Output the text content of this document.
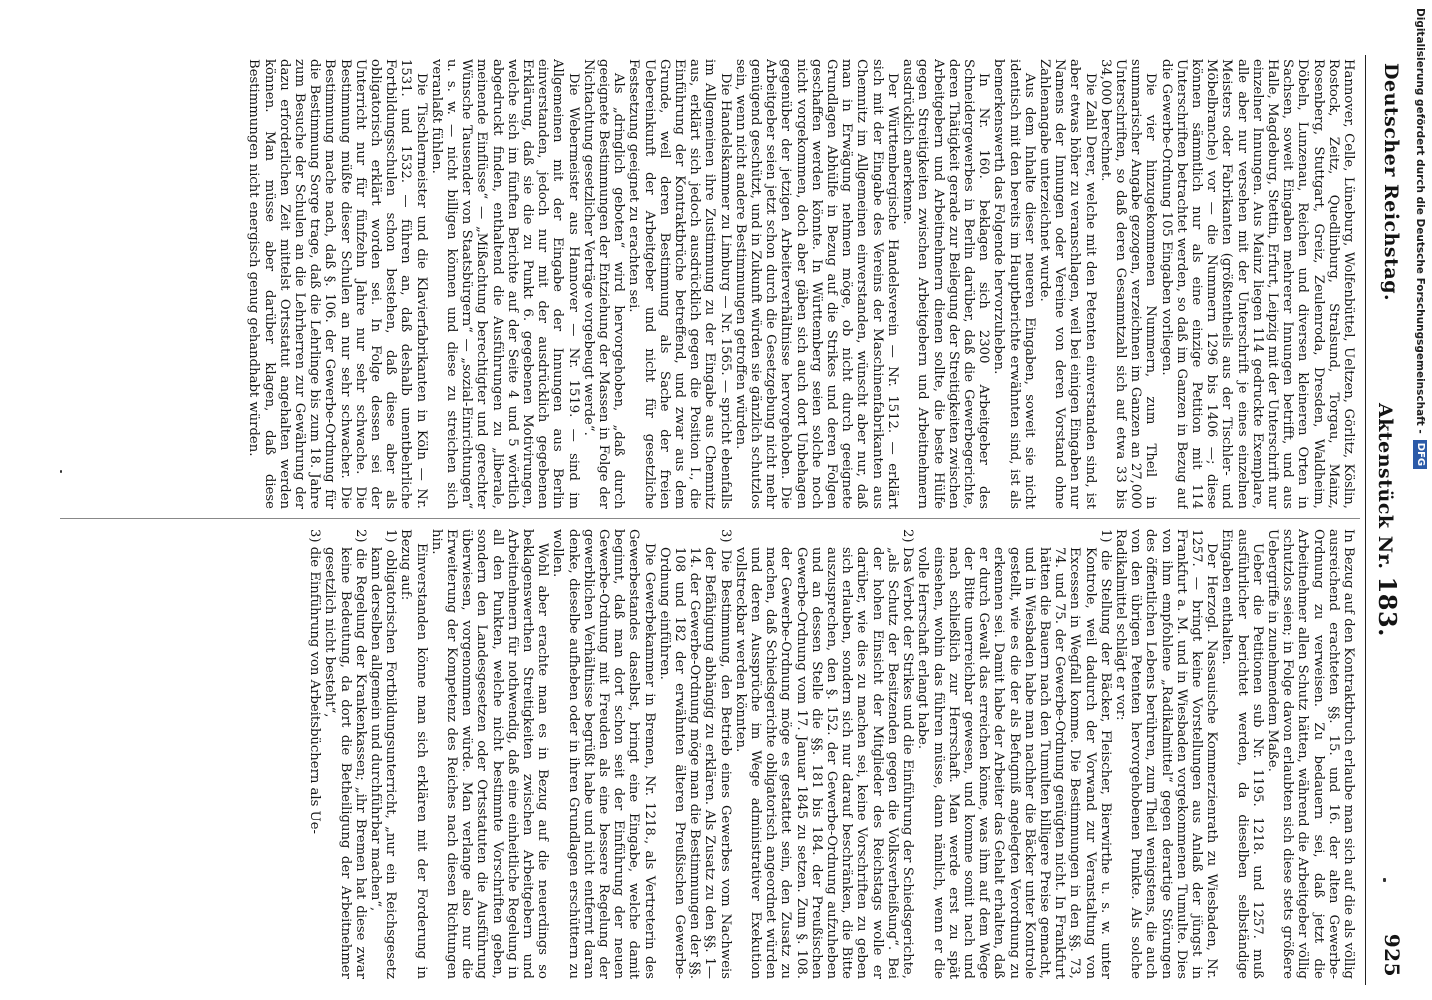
Deutscher Reichstag.
Aktenstück Nr. 183.
925

Hannover, Celle, Lüneburg, Wolfenbüttel, Ueltzen, Görlitz, Köslin, Rostock, Zeitz, Quedlinburg, Stralsund, Torgau, Mainz, Rosenberg, Stuttgart, Greiz, Zeulenroda, Dresden, Waldheim, Döbeln, Lunzenau, Reichen und diversen kleineren Orten in Sachsen, soweit Eingaben mehrerer Innungen betrifft, und aus Halle, Magdeburg, Stettin, Erfurt, Leipzig mit der Unterschrift nur einzelner Innungen. Aus Mainz liegen 114 gedruckte Exemplare, alle aber nur versehen mit der Unterschrift je eines einzelnen Meisters oder Fabrikanten (größtentheils aus der Tischler- und Möbelbranche) vor — die Nummern 1296 bis 1406 —; diese können sämmtlich nur als eine einzige Petition mit 114 Unterschriften betrachtet werden, so daß im Ganzen in Bezug auf die Gewerbe-Ordnung 105 Eingaben vorliegen.

Die vier hinzugekommenen Nummern, zum Theil in summarischer Angabe gezogen, verzeichnen im Ganzen an 27,000 Unterschriften, so daß deren Gesammtzahl sich auf etwa 33 bis 34,000 berechnet.

Die Zahl Derer, welche mit den Petenten einverstanden sind, ist aber etwas höher zu veranschlagen, weil bei einigen Eingaben nur Namens der Innungen oder Vereine von deren Vorstand ohne Zahlenangabe unterzeichnet wurde.

Aus dem Inhalte dieser neueren Eingaben, soweit sie nicht identisch mit den bereits im Hauptberichte erwähnten sind, ist als bemerkenswerth das Folgende hervorzuheben.

In Nr. 160. beklagen sich 2300 Arbeitgeber des Schneidergewerbes in Berlin darüber, daß die Gewerbegerichte, deren Thätigkeit gerade zur Beilegung der Streitigkeiten zwischen Arbeitgebern und Arbeitnehmern dienen sollte, die beste Hülfe gegen Streitigkeiten zwischen Arbeitgebern und Arbeitnehmern ausdrücklich anerkenne.

Der Württembergische Handelsverein — Nr. 1512. — erklärt sich mit der Eingabe des Vereins der Maschinenfabrikanten aus Chemnitz im Allgemeinen einverstanden, wünscht aber nur, daß man in Erwägung nehmen möge, ob nicht durch geeignete Grundlagen Abhülfe in Bezug auf die Strikes und deren Folgen geschaffen werden könnte. In Württemberg seien solche noch nicht vorgekommen, doch aber gäben sich auch dort Unbehagen gegenüber der jetzigen Arbeiterverhältnisse hervorgehoben. Die Arbeitgeber seien jetzt schon durch die Gesetzgebung nicht mehr genügend geschützt, und in Zukunft würden sie gänzlich schutzlos sein, wenn nicht andere Bestimmungen getroffen würden.

Die Handelskammer zu Limburg — Nr. 1565. — spricht ebenfalls im Allgemeinen ihre Zustimmung zu der Eingabe aus Chemnitz aus, erklärt sich jedoch ausdrücklich gegen die Position I., die Einführung der Kontraktbrüche betreffend, und zwar aus dem Grunde, weil deren Bestimmung als Sache der freien Uebereinkunft der Arbeitgeber und nicht für gesetzliche Festsetzung geeignet zu erachten sei.

Als „dringlich geboten“ wird hervorgehoben, „daß durch geeignete Bestimmungen der Entziehung der Massen in Folge der Nichtachtung gesetzlicher Verträge vorgebeugt werde“.

Die Webermeister aus Hannover — Nr. 1519. — sind im Allgemeinen mit der Eingabe der Innungen aus Berlin einverstanden, jedoch nur mit der ausdrücklich gegebenen Erklärung, daß sie die zu Punkt 6. gegebenen Motivirungen, welche sich im fünften Berichte auf der Seite 4 und 5 wörtlich abgedruckt finden, enthaltend die Ausführungen zu „liberale, meinende Einflüsse“ — „Mißachtung berechtigter und gerechter Wünsche Tausender von Staatsbürgern“ — „sozial-Einrichtungen“ u. s. w. — nicht billigen können und diese zu streichen sich veranlaßt fühlen.

Die Tischlermeister und die Klavierfabrikanten in Köln — Nr. 1531. und 1532. — führen an, daß deshalb unentbehrliche Fortbildungsschulen schon bestehen, daß diese aber als obligatorisch erklärt worden sei. In Folge dessen sei der Unterricht nur für fünfzehn Jahre nur sehr schwache. Die Bestimmung müßte dieser Schulen an nur sehr schwacher. Die Bestimmung mache nach, daß §. 106. der Gewerbe-Ordnung für die Bestimmung Sorge trage, daß die Lehrlinge bis zum 18. Jahre zum Besuche der Schulen an die Lehrherren zur Gewährung der dazu erforderlichen Zeit mittelst Ortsstatut angehalten werden können. Man müsse aber darüber klagen, daß diese Bestimmungen nicht energisch genug gehandhabt würden.

In Bezug auf den Kontraktbruch erlaube man sich auf die als völlig ausreichend erachteten §§. 15. und 16. der alten Gewerbe-Ordnung zu verweisen. Zu bedauern sei, daß jetzt die Arbeitnehmer allen Schutz hätten, während die Arbeitgeber völlig schutzlos seien; in Folge davon erlaubten sich diese stets größere Uebergriffe in zunehmendem Maße.

Ueber die Petitionen sub Nr. 1195. 1218. und 1257. muß ausführlicher berichtet werden, da dieselben selbständige Eingaben enthalten.

Der Herzogl. Nassauische Kommerzienrath zu Wiesbaden, Nr. 1257. — bringt keine Vorstellungen aus Anlaß der jüngst in Frankfurt a. M. und in Wiesbaden vorgekommenen Tumulte. Dies von ihm empfohlene „Radikalmittel“ gegen derartige Störungen des öffentlichen Lebens berühren, zum Theil wenigstens, die auch von den übrigen Petenten hervorgehobenen Punkte. Als solche Radikalmittel schlägt er vor:

1) die Stellung der Bäcker, Fleischer, Bierwirthe u. s. w. unter Kontrole, weil dadurch der Vorwand zur Veranstaltung von Excessen in Wegfall komme. Die Bestimmungen in den §§. 73, 74. und 75. der Gewerbe-Ordnung genügten nicht. In Frankfurt hätten die Bauern nach den Tumulten billigere Preise gemacht, und in Wiesbaden habe man nachher die Bäcker unter Kontrole gestellt, wie es die der als Befugniß angelegten Verordnung zu erkennen sei. Damit habe der Arbeiter das Gehalt erhalten, daß er durch Gewalt das erreichen könne, was ihm auf dem Wege der Bitte unerreichbar gewesen, und komme somit nach und nach schließlich zur Herrschaft. Man werde erst zu spät einsehen, wohin das führen müsse, dann nämlich, wenn er die volle Herrschaft erlangt habe.

2) Das Verbot der Strikes und die Einführung der Schiedsgerichte, „als Schutz der Besitzenden gegen die Volksverheißung“. Bei der hohen Einsicht der Mitglieder des Reichstags wolle er darüber, wie dies zu machen sei, keine Vorschriften zu geben sich erlauben, sondern sich nur darauf beschränken, die Bitte auszusprechen, den §. 152. der Gewerbe-Ordnung aufzuheben und an dessen Stelle die §§. 181 bis 184. der Preußischen Gewerbe-Ordnung vom 17. Januar 1845 zu setzen. Zum §. 108. der Gewerbe-Ordnung möge es gestattet sein, den Zusatz zu machen, daß Schiedsgerichte obligatorisch angeordnet würden und deren Aussprüche im Wege administrativer Exekution vollstreckbar werden könnten.

3) Die Bestimmung, den Betrieb eines Gewerbes vom Nachweis der Befähigung abhängig zu erklären. Als Zusatz zu den §§. 1—14. der Gewerbe-Ordnung möge man die Bestimmungen der §§. 108 und 182 der erwähnten älteren Preußischen Gewerbe-Ordnung einführen.

Die Gewerbekammer in Bremen, Nr. 1218., als Vertreterin des Gewerbestandes daselbst, bringt eine Eingabe, welche damit beginnt, daß man dort schon seit der Einführung der neuen Gewerbe-Ordnung mit Freuden als eine bessere Regelung der gewerblichen Verhältnisse begrüßt habe und nicht entfernt daran denke, dieselbe aufheben oder in ihren Grundlagen erschüttern zu wollen.

Wohl aber erachte man es in Bezug auf die neuerdings so beklagenswerthen Streitigkeiten zwischen Arbeitgebern und Arbeitnehmern für nothwendig, daß eine einheitliche Regelung in all den Punkten, welche nicht bestimmte Vorschriften geben, sondern den Landesgesetzen oder Ortsstatuten die Ausführung überwiesen, vorgenommen würde. Man verlange also nur die Erweiterung der Kompetenz des Reiches nach diesen Richtungen hin.

Einverstanden könne man sich erklären mit der Forderung in Bezug auf:

1) obligatorischen Fortbildungsunterricht, „nur ein Reichsgesetz kann derselben allgemein und durchführbar machen“,

2) die Regelung der Krankenkassen; „ihr Bremen hat diese zwar keine Bedeutung, da dort die Betheiligung der Arbeitnehmer gesetzlich nicht besteht“,

3) die Einführung von Arbeitsbüchern als Ue-

Digitalisierung gefördert durch die Deutsche Forschungsgemeinschaft -DFG
